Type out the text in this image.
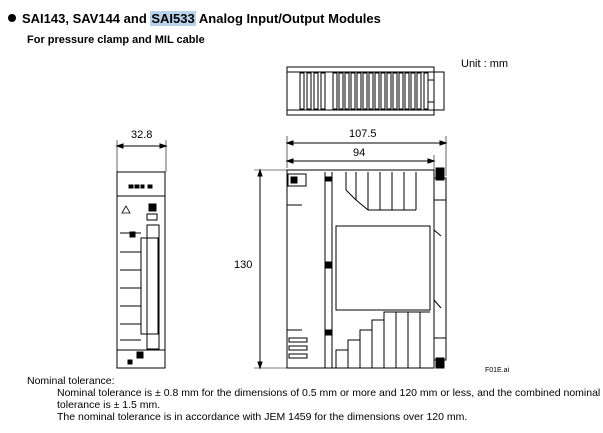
SAI143, SAV144 and SAI533 Analog Input/Output Modules
For pressure clamp and MIL cable
Unit : mm
32.8	107.5
94
130
F01E.ai
Nominal tolerance:
Nominal tolerance is ± 0.8 mm for the dimensions of 0.5 mm or more and 120 mm or less, and the combined nominal
tolerance is ± 1.5 mm.
The nominal tolerance is in accordance with JEM 1459 for the dimensions over 120 mm.
